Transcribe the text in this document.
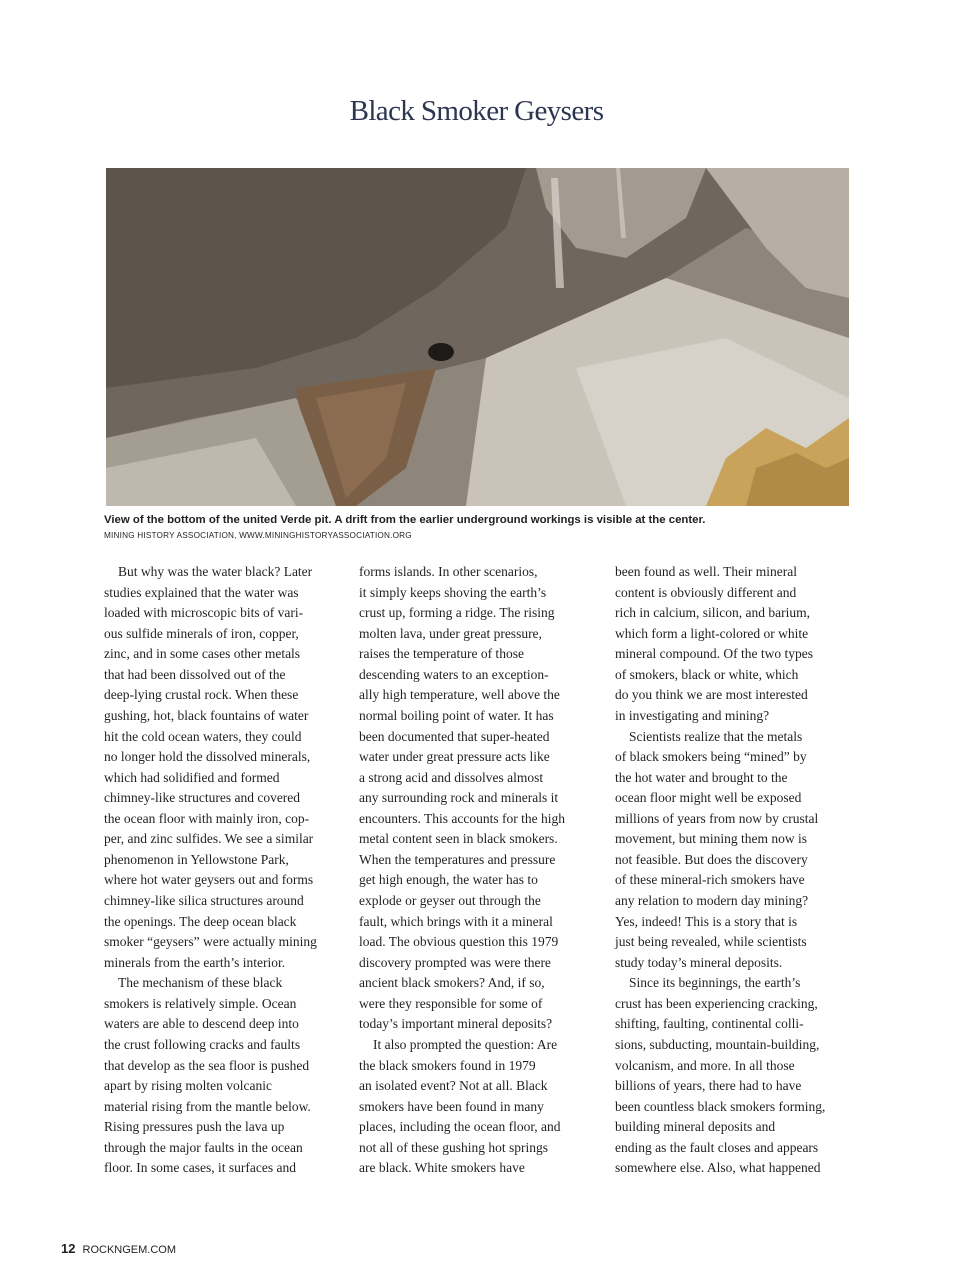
Black Smoker Geysers
View of the bottom of the united Verde pit. A drift from the earlier underground workings is visible at the center.
MINING HISTORY ASSOCIATION, WWW.MININGHISTORYASSOCIATION.ORG
But why was the water black? Later
studies explained that the water was
loaded with microscopic bits of vari-
ous sulfide minerals of iron, copper,
zinc, and in some cases other metals
that had been dissolved out of the
deep-lying crustal rock. When these
gushing, hot, black fountains of water
hit the cold ocean waters, they could
no longer hold the dissolved minerals,
which had solidified and formed
chimney-like structures and covered
the ocean floor with mainly iron, cop-
per, and zinc sulfides. We see a similar
phenomenon in Yellowstone Park,
where hot water geysers out and forms
chimney-like silica structures around
the openings. The deep ocean black
smoker “geysers” were actually mining
minerals from the earth’s interior.
The mechanism of these black
smokers is relatively simple. Ocean
waters are able to descend deep into
the crust following cracks and faults
that develop as the sea floor is pushed
apart by rising molten volcanic
material rising from the mantle below.
Rising pressures push the lava up
through the major faults in the ocean
floor. In some cases, it surfaces and
forms islands. In other scenarios,
it simply keeps shoving the earth’s
crust up, forming a ridge. The rising
molten lava, under great pressure,
raises the temperature of those
descending waters to an exception-
ally high temperature, well above the
normal boiling point of water. It has
been documented that super-heated
water under great pressure acts like
a strong acid and dissolves almost
any surrounding rock and minerals it
encounters. This accounts for the high
metal content seen in black smokers.
When the temperatures and pressure
get high enough, the water has to
explode or geyser out through the
fault, which brings with it a mineral
load. The obvious question this 1979
discovery prompted was were there
ancient black smokers? And, if so,
were they responsible for some of
today’s important mineral deposits?
It also prompted the question: Are
the black smokers found in 1979
an isolated event? Not at all. Black
smokers have been found in many
places, including the ocean floor, and
not all of these gushing hot springs
are black. White smokers have
been found as well. Their mineral
content is obviously different and
rich in calcium, silicon, and barium,
which form a light-colored or white
mineral compound. Of the two types
of smokers, black or white, which
do you think we are most interested
in investigating and mining?
Scientists realize that the metals
of black smokers being “mined” by
the hot water and brought to the
ocean floor might well be exposed
millions of years from now by crustal
movement, but mining them now is
not feasible. But does the discovery
of these mineral-rich smokers have
any relation to modern day mining?
Yes, indeed! This is a story that is
just being revealed, while scientists
study today’s mineral deposits.
Since its beginnings, the earth’s
crust has been experiencing cracking,
shifting, faulting, continental colli-
sions, subducting, mountain-building,
volcanism, and more. In all those
billions of years, there had to have
been countless black smokers forming,
building mineral deposits and
ending as the fault closes and appears
somewhere else. Also, what happened
12 ROCKNGEM.COM
